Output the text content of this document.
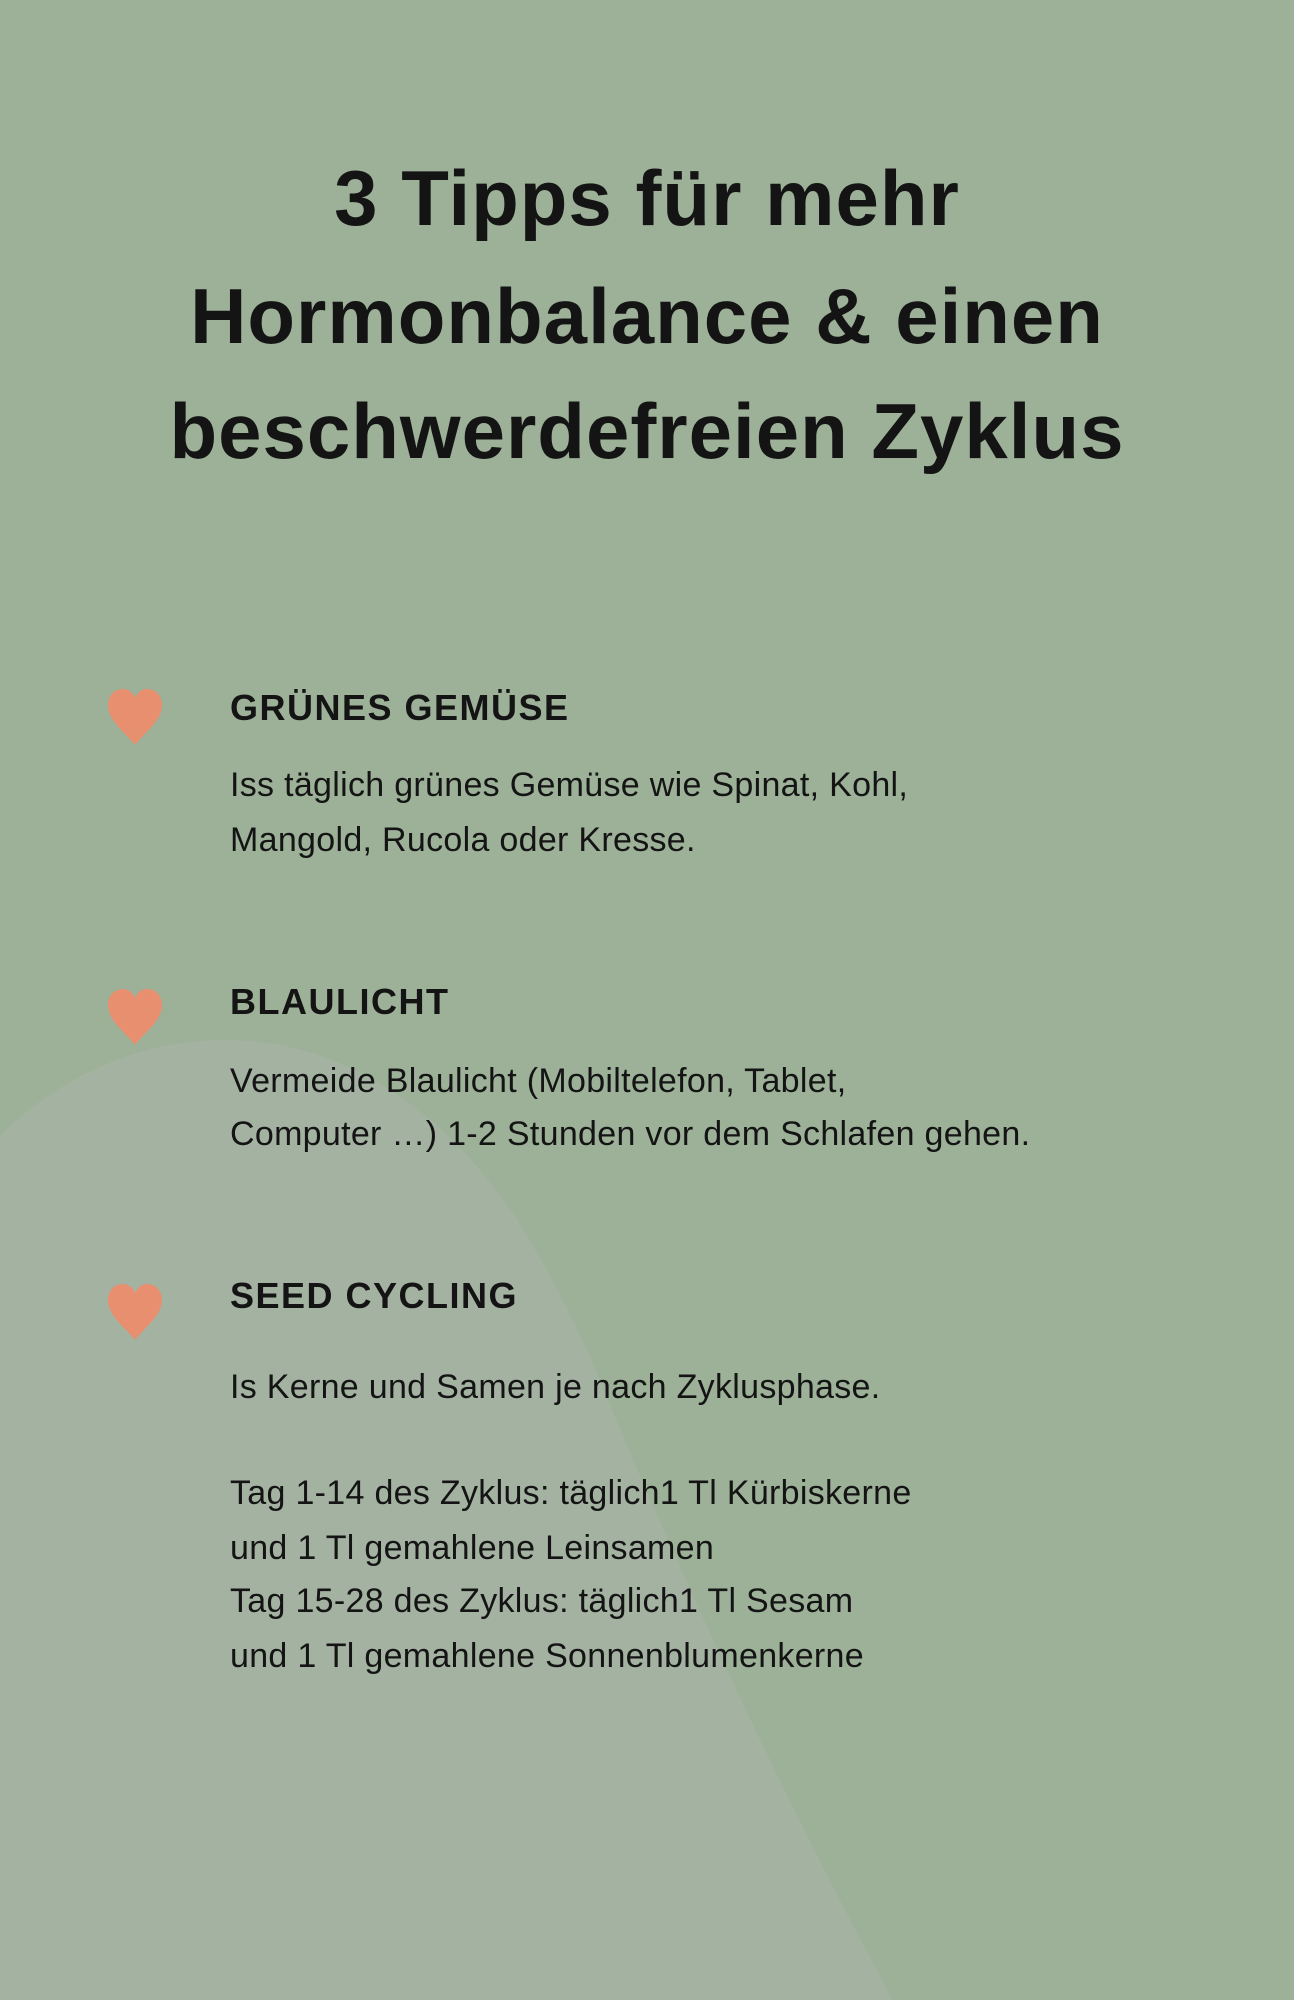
3 Tipps für mehr
Hormonbalance & einen
beschwerdefreien Zyklus
GRÜNES GEMÜSE
Iss täglich grünes Gemüse wie Spinat, Kohl,
Mangold, Rucola oder Kresse.
BLAULICHT
Vermeide Blaulicht (Mobiltelefon, Tablet,
Computer …) 1-2 Stunden vor dem Schlafen gehen.
SEED CYCLING
Is Kerne und Samen je nach Zyklusphase.
Tag 1-14 des Zyklus: täglich1 Tl Kürbiskerne
und 1 Tl gemahlene Leinsamen
Tag 15-28 des Zyklus: täglich1 Tl Sesam
und 1 Tl gemahlene Sonnenblumenkerne
